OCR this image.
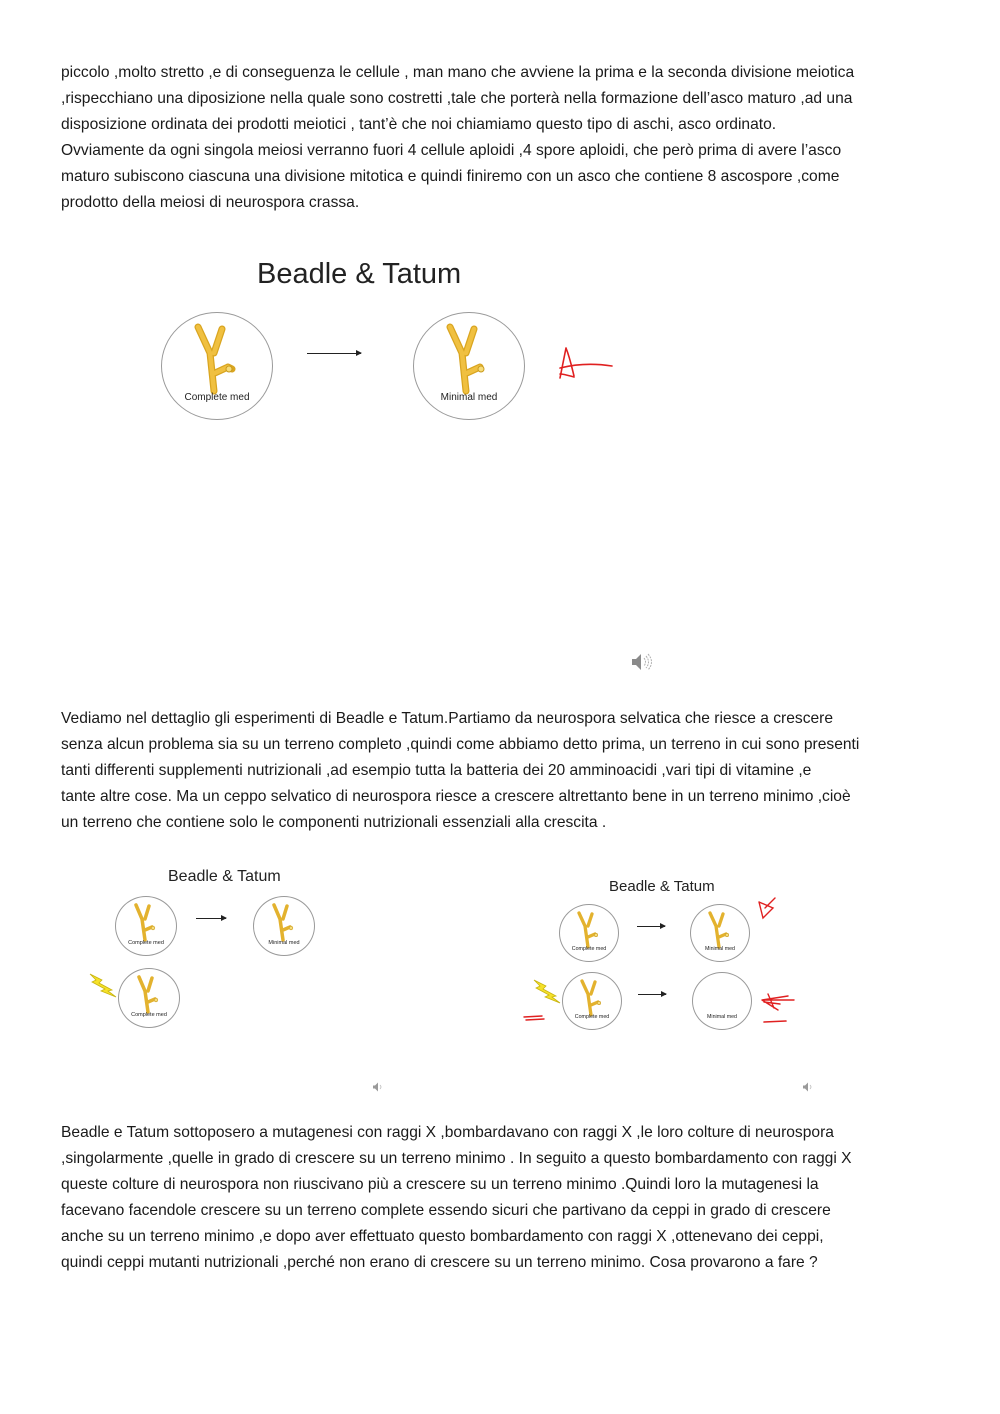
piccolo ,molto stretto ,e di conseguenza le cellule , man mano che avviene la prima e la seconda divisione meiotica
,rispecchiano una diposizione nella quale sono costretti ,tale che porterà nella formazione dell’asco maturo ,ad una
disposizione ordinata dei prodotti meiotici , tant’è che noi chiamiamo questo tipo di aschi, asco ordinato.
Ovviamente da ogni singola meiosi verranno fuori 4 cellule aploidi ,4 spore aploidi, che però prima di avere l’asco
maturo subiscono ciascuna una divisione mitotica e quindi finiremo con un asco che contiene 8 ascospore ,come
prodotto della meiosi di neurospora crassa.
Beadle & Tatum
Complete med	Minimal med
Vediamo nel dettaglio gli esperimenti di Beadle e Tatum.Partiamo da neurospora selvatica che riesce a crescere
senza alcun problema sia su un terreno completo ,quindi come abbiamo detto prima, un terreno in cui sono presenti
tanti differenti supplementi nutrizionali ,ad esempio tutta la batteria dei 20 amminoacidi ,vari tipi di vitamine ,e
tante altre cose. Ma un ceppo selvatico di neurospora riesce a crescere altrettanto bene in un terreno minimo ,cioè
un terreno che contiene solo le componenti nutrizionali essenziali alla crescita .
Beadle & Tatum
Complete med	Minimal med
Complete med
Beadle & Tatum
Complete med	Minimal med
Complete med	Minimal med
Beadle e Tatum sottoposero a mutagenesi con raggi X ,bombardavano con raggi X ,le loro colture di neurospora
,singolarmente ,quelle in grado di crescere su un terreno minimo . In seguito a questo bombardamento con raggi X
queste colture di neurospora non riuscivano più a crescere su un terreno minimo .Quindi loro la mutagenesi la
facevano facendole crescere su un terreno complete essendo sicuri che partivano da ceppi in grado di crescere
anche su un terreno minimo ,e dopo aver effettuato questo bombardamento con raggi X ,ottenevano dei ceppi,
quindi ceppi mutanti nutrizionali ,perché non erano di crescere su un terreno minimo. Cosa provarono a fare ?
